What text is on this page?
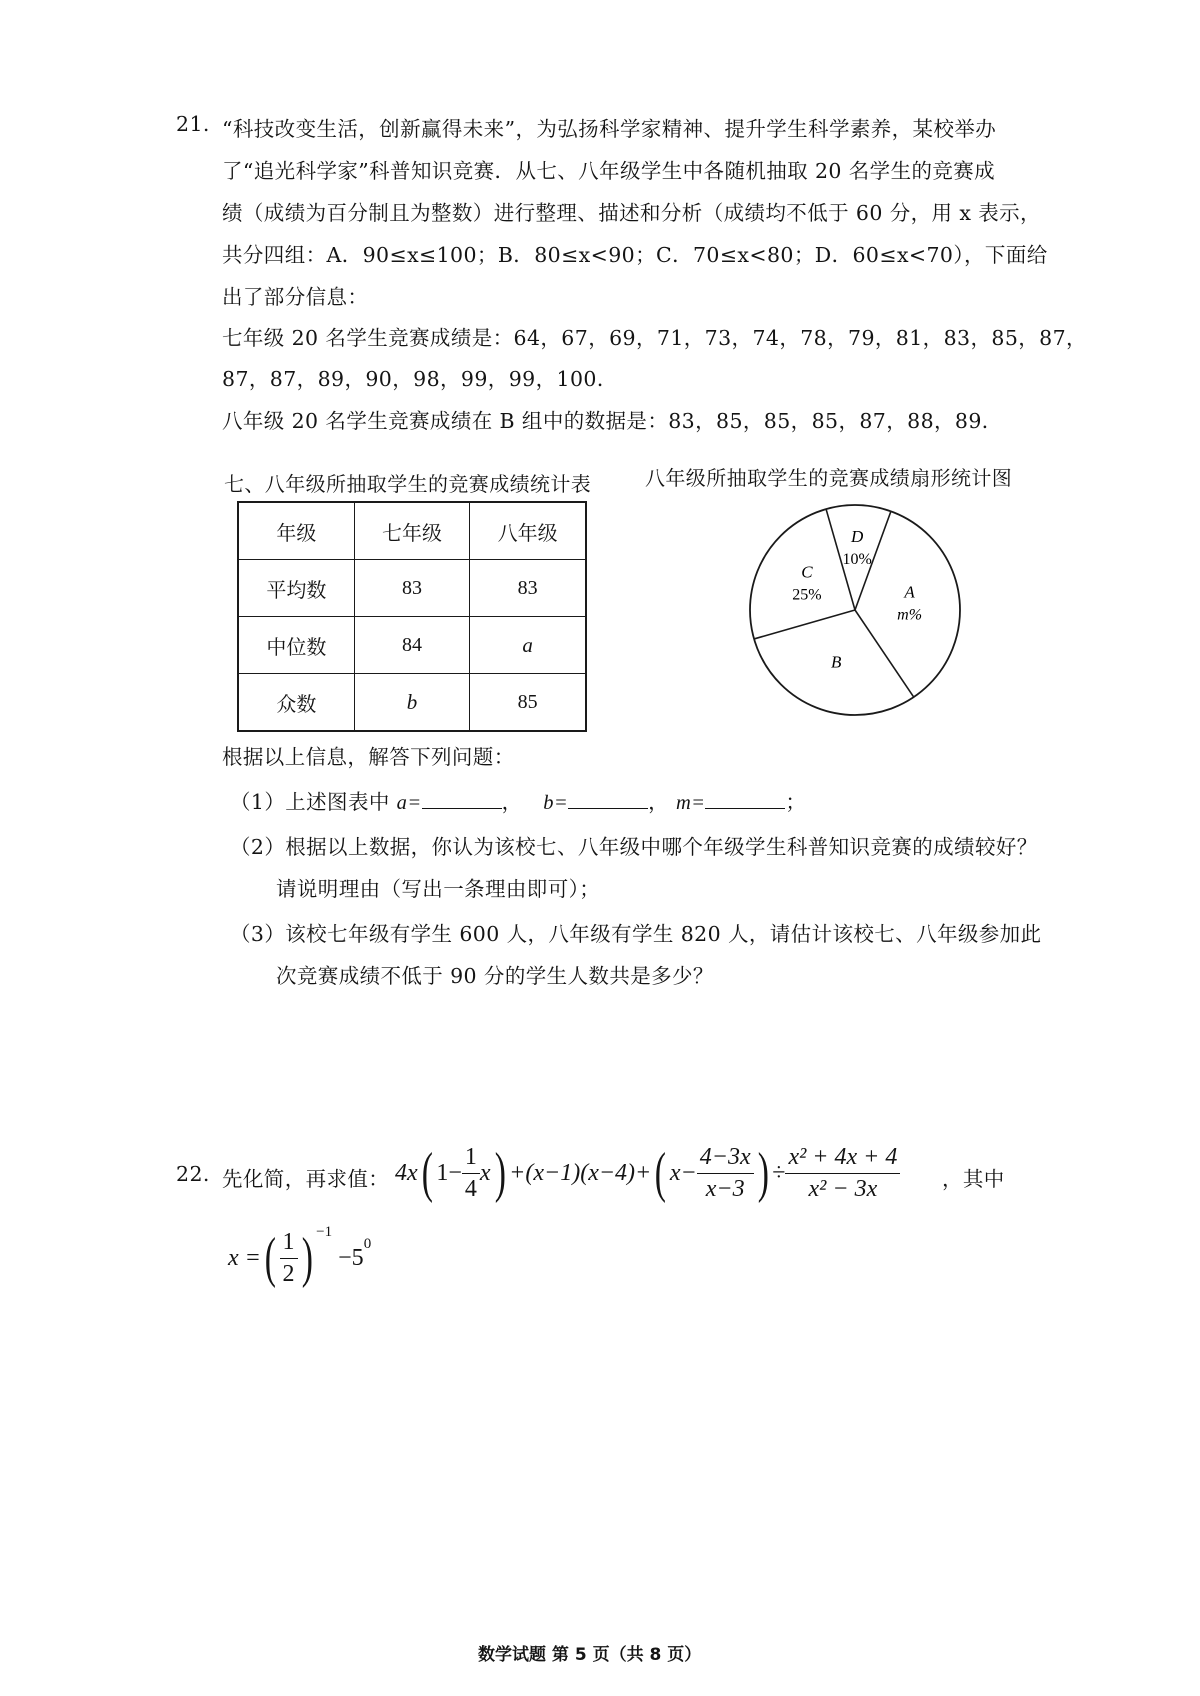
21. “科技改变生活，创新赢得未来”，为弘扬科学家精神、提升学生科学素养，某校举办
了“追光科学家”科普知识竞赛．从七、八年级学生中各随机抽取 20 名学生的竞赛成
绩（成绩为百分制且为整数）进行整理、描述和分析（成绩均不低于 60 分，用 x 表示，
共分四组：A．90≤x≤100；B．80≤x<90；C．70≤x<80；D．60≤x<70），下面给
出了部分信息：
七年级 20 名学生竞赛成绩是：64，67，69，71，73，74，78，79，81，83，85，87，
87，87，89，90，98，99，99，100．
八年级 20 名学生竞赛成绩在 B 组中的数据是：83，85，85，85，87，88，89．
七、八年级所抽取学生的竞赛成绩统计表	八年级所抽取学生的竞赛成绩扇形统计图
年级	七年级	八年级
平均数	83	83
中位数	84	a
众数	b	85
D
10%
A
m%
B
C
25%
根据以上信息，解答下列问题：
（1）上述图表中 a=	， b=	， m=	；
（2）根据以上数据，你认为该校七、八年级中哪个年级学生科普知识竞赛的成绩较好？
请说明理由（写出一条理由即可）；
（3）该校七年级有学生 600 人，八年级有学生 820 人，请估计该校七、八年级参加此
次竞赛成绩不低于 90 分的学生人数共是多少？
22. 先化简，再求值： 4x ( $1- \frac{1}{4}$ x ) +(x−1)(x−4)+ ( $x- \frac{4-3x}{x-3}$ ) ÷ $\frac{\text{x² + 4x + 4}}{\text{x² − 3x}}$ ，其中
x = ( $\frac{1}{2} )^{-1}$
−5
$^0$
数学试题 第 5 页（共 8 页）
